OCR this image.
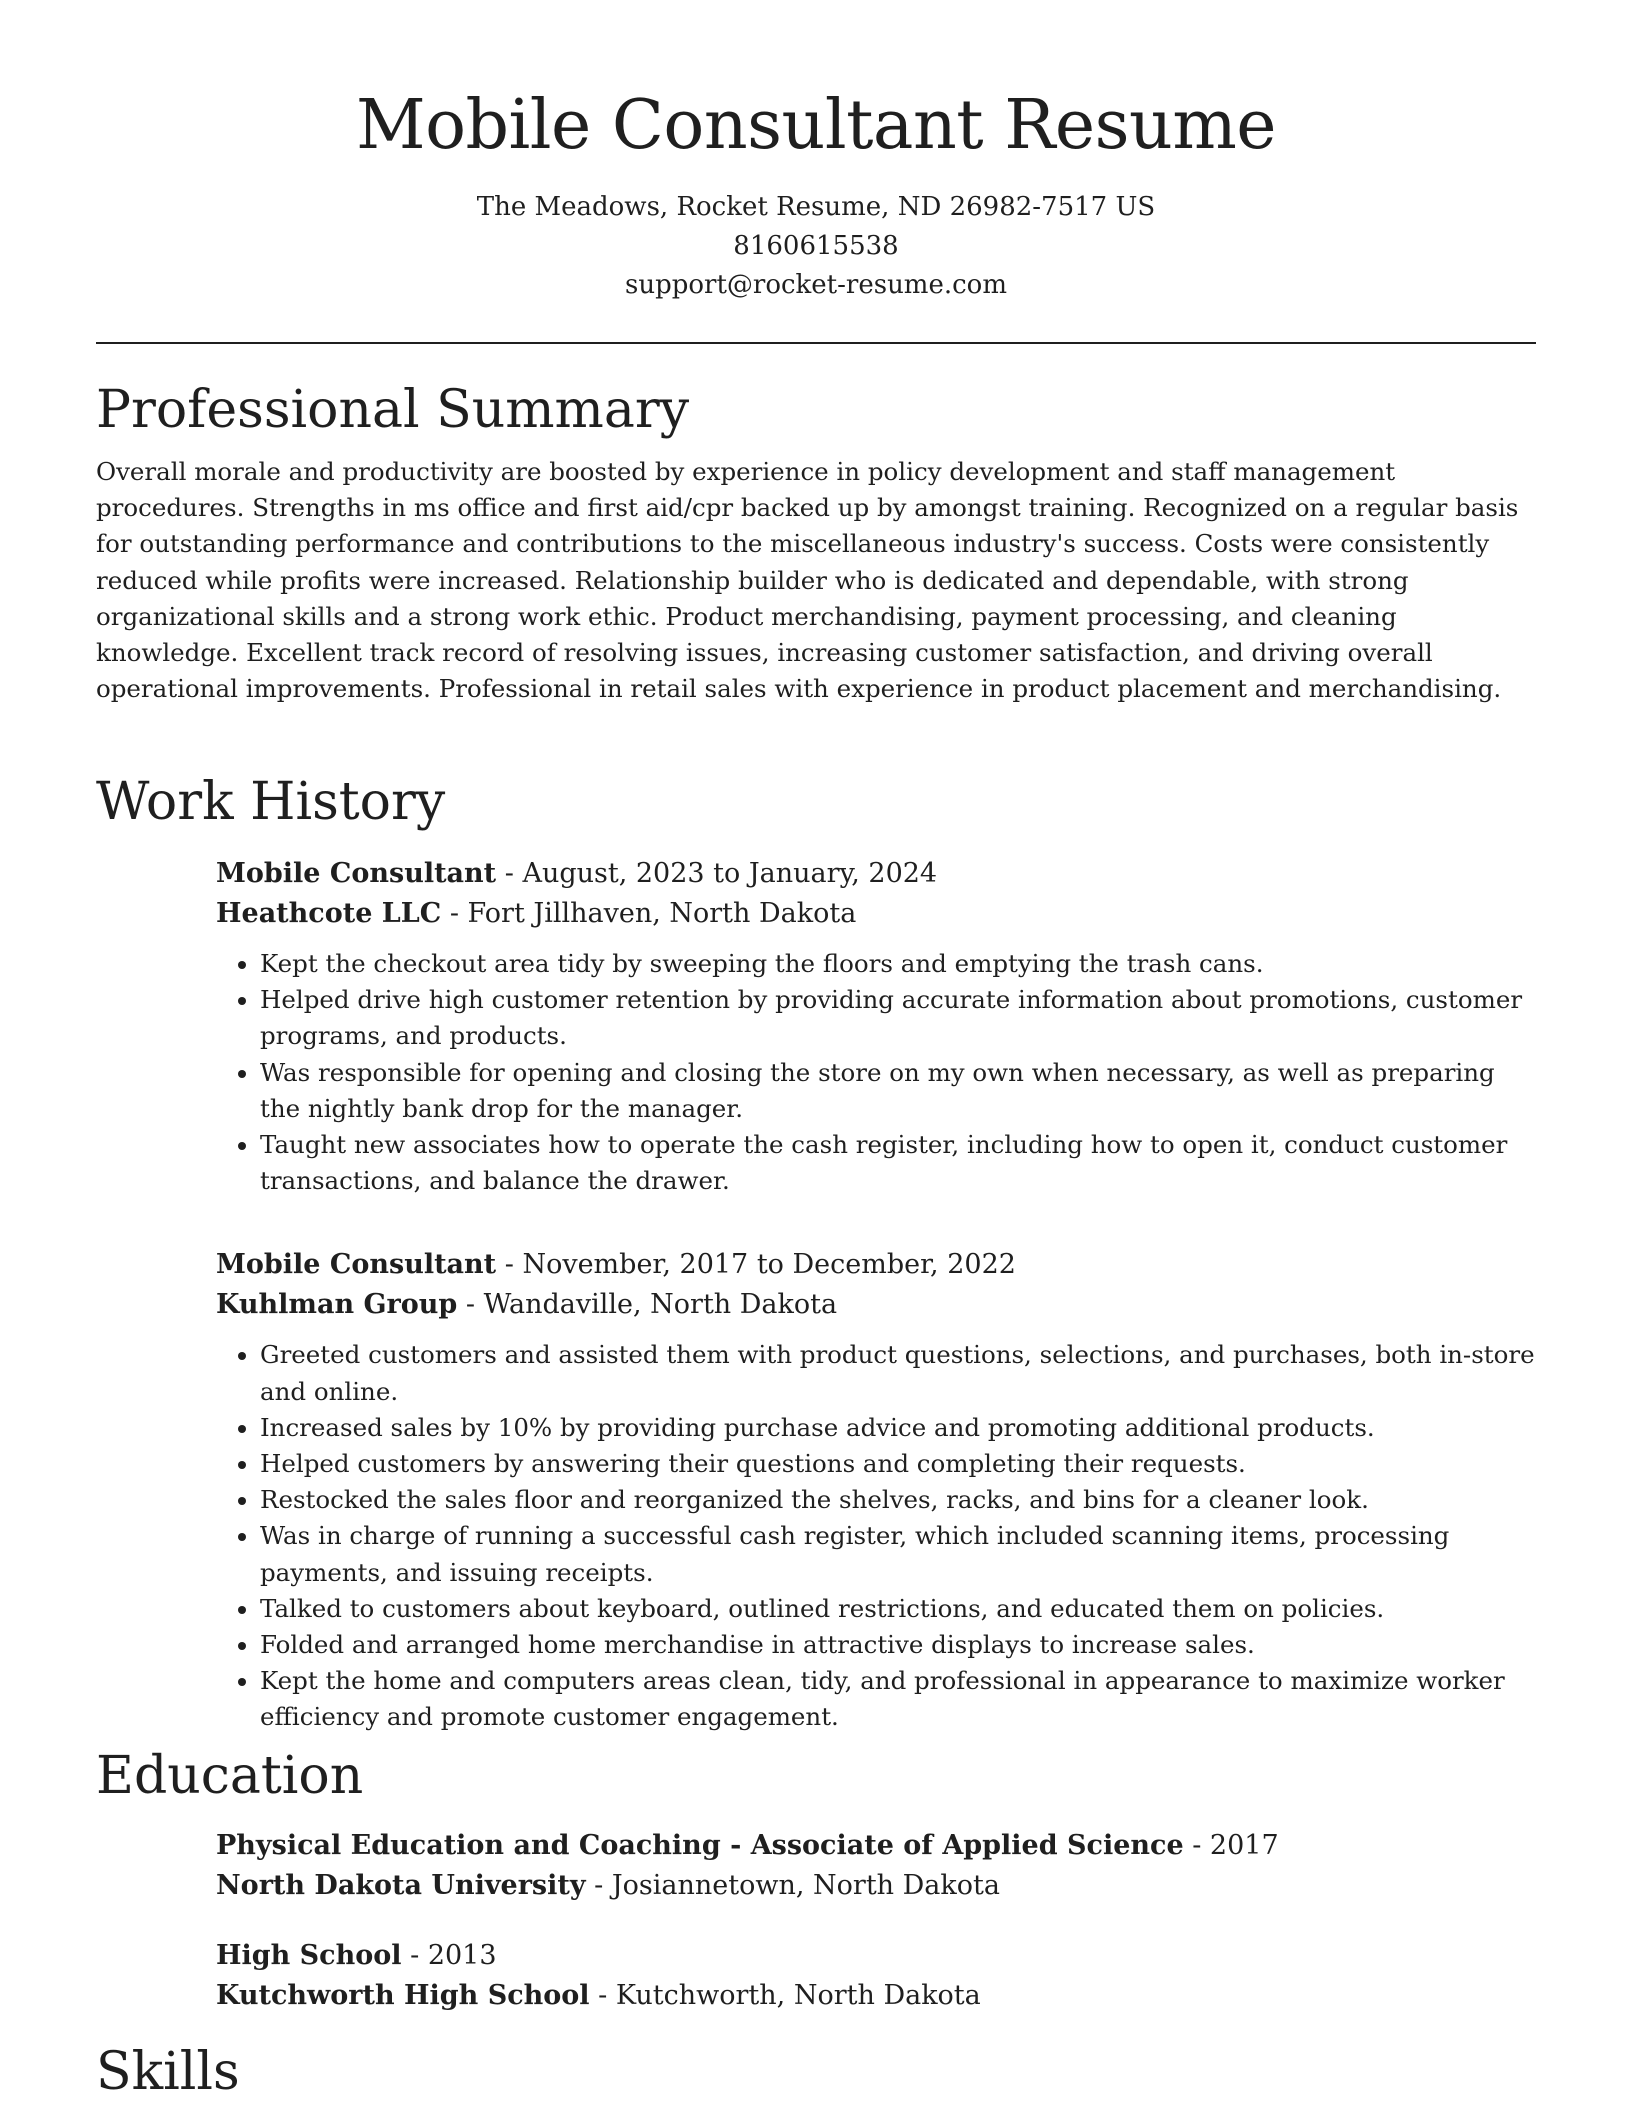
Mobile Consultant Resume
The Meadows, Rocket Resume, ND 26982-7517 US
8160615538
support@rocket-resume.com
Professional Summary

Overall morale and productivity are boosted by experience in policy development and staff management procedures. Strengths in ms office and first aid/cpr backed up by amongst training. Recognized on a regular basis for outstanding performance and contributions to the miscellaneous industry's success. Costs were consistently reduced while profits were increased. Relationship builder who is dedicated and dependable, with strong organizational skills and a strong work ethic. Product merchandising, payment processing, and cleaning knowledge. Excellent track record of resolving issues, increasing customer satisfaction, and driving overall operational improvements. Professional in retail sales with experience in product placement and merchandising.

Work History
Mobile Consultant - August, 2023 to January, 2024
Heathcote LLC - Fort Jillhaven, North Dakota
• Kept the checkout area tidy by sweeping the floors and emptying the trash cans.
• Helped drive high customer retention by providing accurate information about promotions, customer programs, and products.
• Was responsible for opening and closing the store on my own when necessary, as well as preparing the nightly bank drop for the manager.
• Taught new associates how to operate the cash register, including how to open it, conduct customer transactions, and balance the drawer.
Mobile Consultant - November, 2017 to December, 2022
Kuhlman Group - Wandaville, North Dakota
• Greeted customers and assisted them with product questions, selections, and purchases, both in-store and online.
• Increased sales by 10% by providing purchase advice and promoting additional products.
• Helped customers by answering their questions and completing their requests.
• Restocked the sales floor and reorganized the shelves, racks, and bins for a cleaner look.
• Was in charge of running a successful cash register, which included scanning items, processing payments, and issuing receipts.
• Talked to customers about keyboard, outlined restrictions, and educated them on policies.
• Folded and arranged home merchandise in attractive displays to increase sales.
• Kept the home and computers areas clean, tidy, and professional in appearance to maximize worker efficiency and promote customer engagement.
Education
Physical Education and Coaching - Associate of Applied Science - 2017
North Dakota University - Josiannetown, North Dakota
High School - 2013
Kutchworth High School - Kutchworth, North Dakota
Skills
